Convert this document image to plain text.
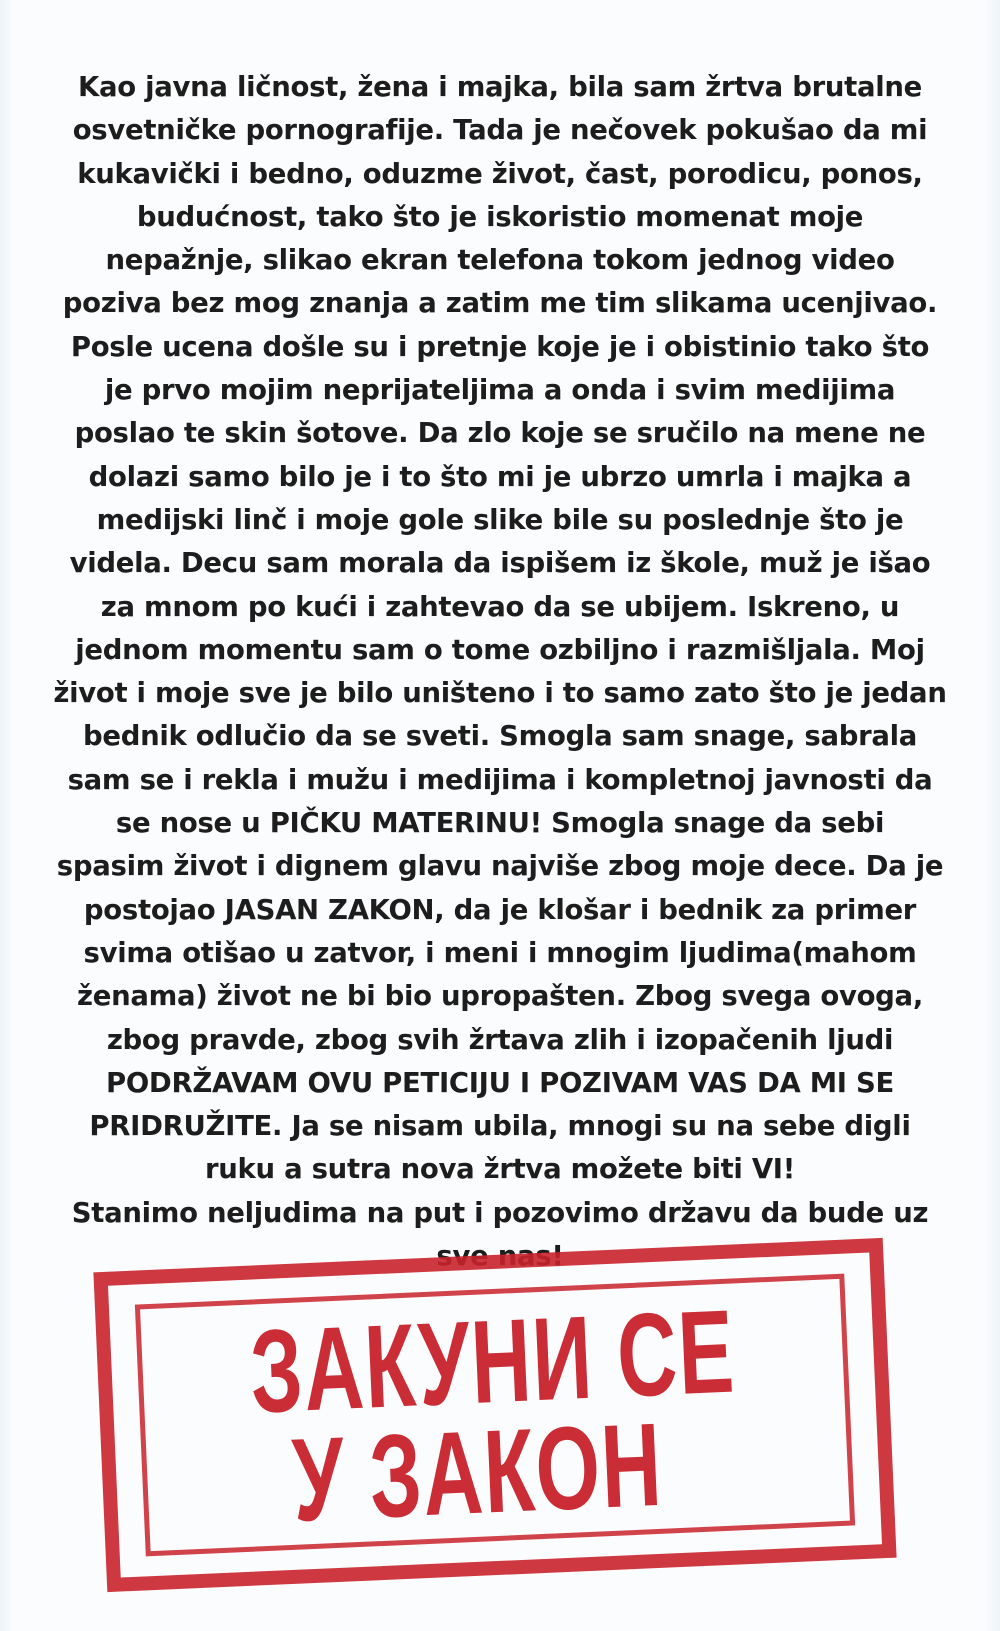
Kao javna ličnost, žena i majka, bila sam žrtva brutalne
osvetničke pornografije. Tada je nečovek pokušao da mi
kukavički i bedno, oduzme život, čast, porodicu, ponos,
budućnost, tako što je iskoristio momenat moje
nepažnje, slikao ekran telefona tokom jednog video
poziva bez mog znanja a zatim me tim slikama ucenjivao.
Posle ucena došle su i pretnje koje je i obistinio tako što
je prvo mojim neprijateljima a onda i svim medijima
poslao te skin šotove. Da zlo koje se sručilo na mene ne
dolazi samo bilo je i to što mi je ubrzo umrla i majka a
medijski linč i moje gole slike bile su poslednje što je
videla. Decu sam morala da ispišem iz škole, muž je išao
za mnom po kući i zahtevao da se ubijem. Iskreno, u
jednom momentu sam o tome ozbiljno i razmišljala. Moj
život i moje sve je bilo uništeno i to samo zato što je jedan
bednik odlučio da se sveti. Smogla sam snage, sabrala
sam se i rekla i mužu i medijima i kompletnoj javnosti da
se nose u PIČKU MATERINU! Smogla snage da sebi
spasim život i dignem glavu najviše zbog moje dece. Da je
postojao JASAN ZAKON, da je klošar i bednik za primer
svima otišao u zatvor, i meni i mnogim ljudima(mahom
ženama) život ne bi bio upropašten. Zbog svega ovoga,
zbog pravde, zbog svih žrtava zlih i izopačenih ljudi
PODRŽAVAM OVU PETICIJU I POZIVAM VAS DA MI SE
PRIDRUŽITE. Ja se nisam ubila, mnogi su na sebe digli
ruku a sutra nova žrtva možete biti VI!
Stanimo neljudima na put i pozovimo državu da bude uz
sve nas!
ЗАКУНИ СЕ
У ЗАКОН
